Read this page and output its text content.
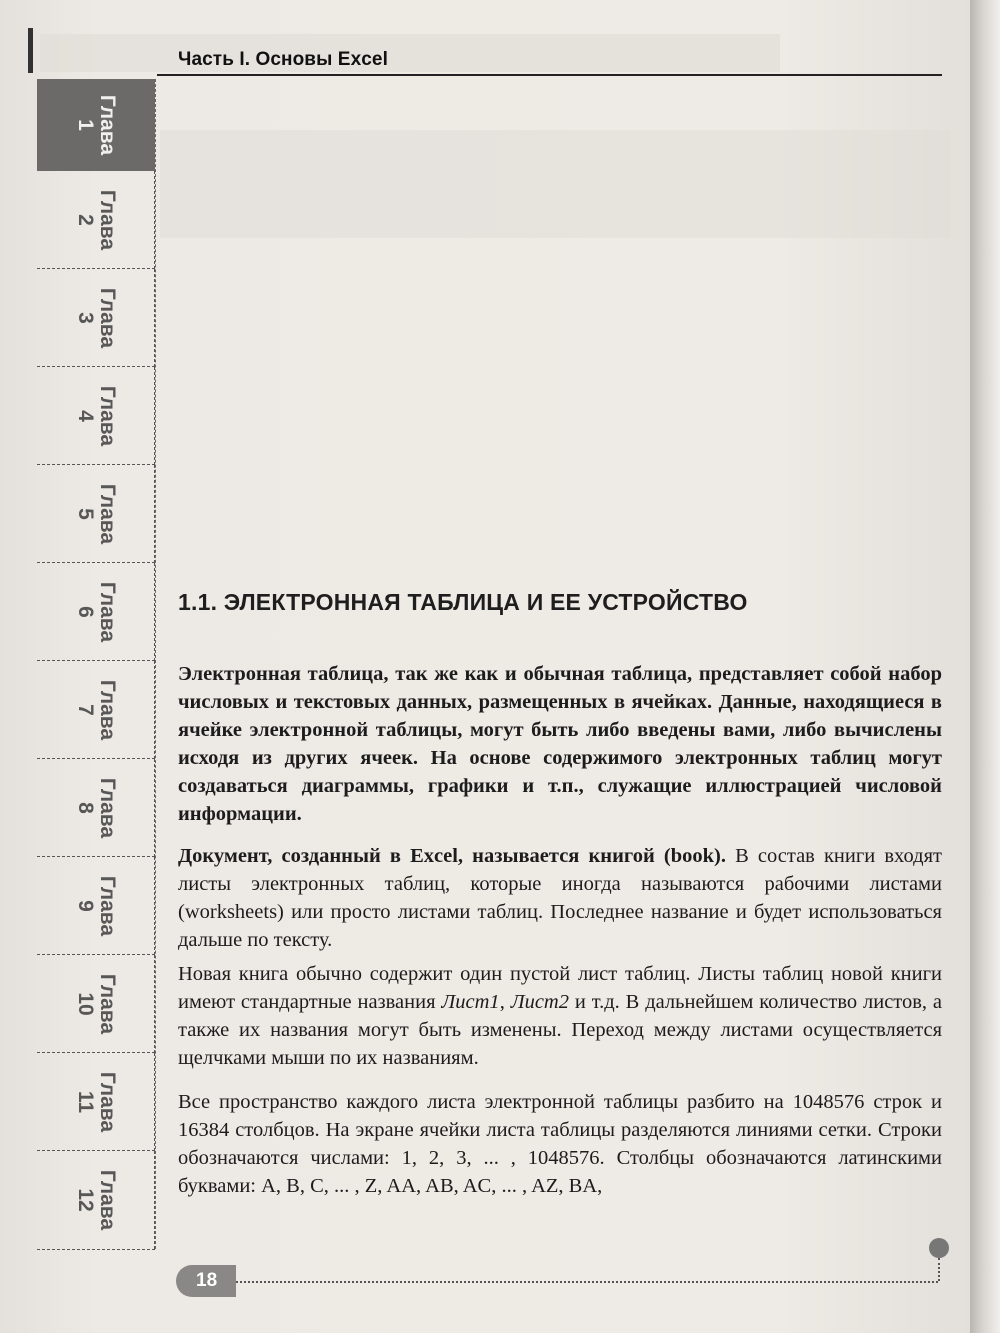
Часть I. Основы Excel
Глава
1
Глава
2
Глава
3
Глава
4
Глава
5
Глава
6
Глава
7
Глава
8
Глава
9
Глава
10
Глава
11
Глава
12
1.1. ЭЛЕКТРОННАЯ ТАБЛИЦА И ЕЕ УСТРОЙСТВО
Электронная таблица, так же как и обычная таблица, представляет собой набор числовых и текстовых данных, размещенных в ячейках. Данные, находящиеся в ячейке электронной таблицы, могут быть либо введены вами, либо вычислены исходя из других ячеек. На основе содержимого электронных таблиц могут создаваться диаграммы, графики и т.п., служащие иллюстрацией числовой информации.
Документ, созданный в Excel, называется книгой (book). В состав книги входят листы электронных таблиц, которые иногда называются рабочими листами (worksheets) или просто листами таблиц. Последнее название и будет использоваться дальше по тексту.
Новая книга обычно содержит один пустой лист таблиц. Листы таблиц новой книги имеют стандартные названия Лист1, Лист2 и т.д. В дальнейшем количество листов, а также их названия могут быть изменены. Переход между листами осуществляется щелчками мыши по их названиям.
Все пространство каждого листа электронной таблицы разбито на 1048576 строк и 16384 столбцов. На экране ячейки листа таблицы разделяются линиями сетки. Строки обозначаются числами: 1, 2, 3, ... , 1048576. Столбцы обозначаются латинскими буквами: A, B, C, ... , Z, AA, AB, AC, ... , AZ, BA,
18
